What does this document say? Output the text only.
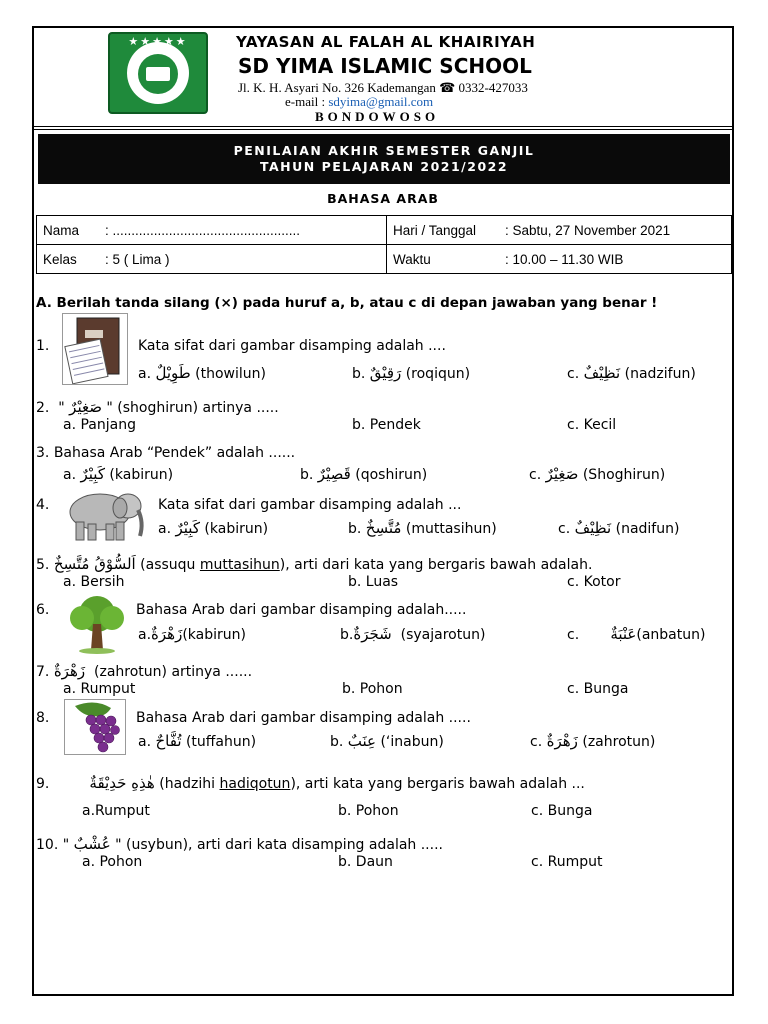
★★★★★	YAYASAN AL FALAH AL KHAIRIYAH
SD YIMA ISLAMIC SCHOOL
Jl. K. H. Asyari No. 326 Kademangan ☎ 0332-427033
e-mail : sdyima@gmail.com
BONDOWOSO
PENILAIAN AKHIR SEMESTER GANJIL
TAHUN PELAJARAN 2021/2022
BAHASA ARAB
Nama : ..................................................	Hari / Tanggal : Sabtu, 27 November 2021
Kelas : 5 ( Lima )	Waktu : 10.00 – 11.30 WIB
A. Berilah tanda silang (×) pada huruf a, b, atau c di depan jawaban yang benar !
1.	Kata sifat dari gambar disamping adalah ....
a. طَوِيْلٌ (thowilun)	b. رَقِيْقٌ (roqiqun)	c. نَظِيْفٌ (nadzifun)
2. " صَغِيْرٌ " (shoghirun) artinya .....
a. Panjang	b. Pendek	c. Kecil
3. Bahasa Arab “Pendek” adalah ......
a. كَبِيْرٌ (kabirun)	b. قَصِيْرٌ (qoshirun)	c. صَغِيْرٌ (Shoghirun)
4.	Kata sifat dari gambar disamping adalah ...
a. كَبِيْرٌ (kabirun)	b. مُتَّسِخٌ (muttasihun)	c. نَظِيْفٌ (nadifun)
5. اَلسُّوْقُ مُتَّسِخٌ (assuqu muttasihun), arti dari kata yang bergaris bawah adalah.
a. Bersih	b. Luas	c. Kotor
6.	Bahasa Arab dari gambar disamping adalah.....
a.زَهْرَةٌ(kabirun)	b.شَجَرَةٌ (syajarotun)	c. عَنْبَةٌ(anbatun)
7. زَهْرَةٌ (zahrotun) artinya ......
a. Rumput	b. Pohon	c. Bunga
8.	Bahasa Arab dari gambar disamping adalah .....
a. تُفَّاحٌ (tuffahun)	b. عِنَبٌ (‘inabun)	c. زَهْرَةٌ (zahrotun)
9.	هٰذِهِ حَدِيْقَةٌ (hadzihi hadiqotun), arti kata yang bergaris bawah adalah ...
a.Rumput	b. Pohon	c. Bunga
10. " عُشْبٌ " (usybun), arti dari kata disamping adalah .....
a. Pohon	b. Daun	c. Rumput
